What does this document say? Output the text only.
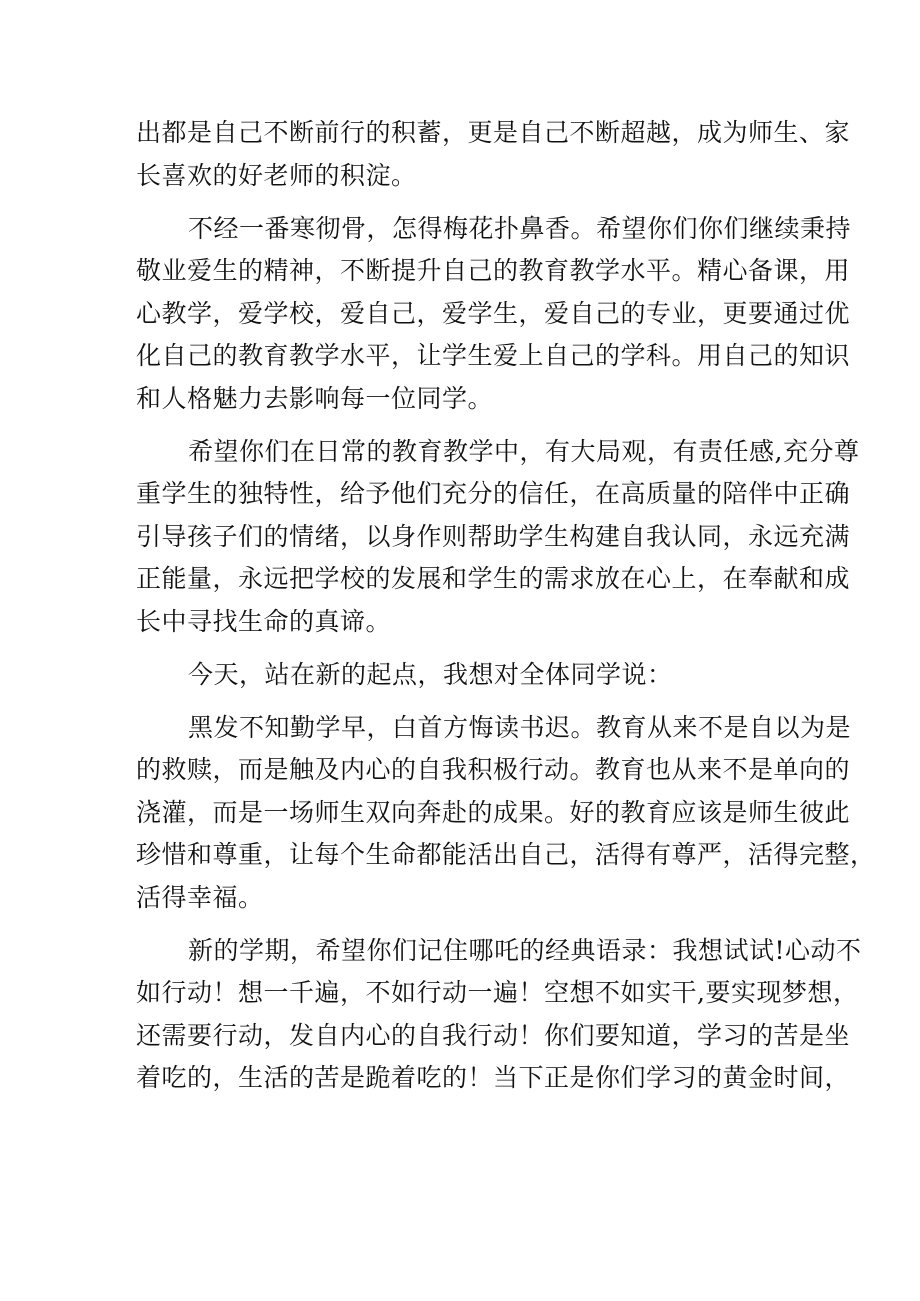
出都是自己不断前行的积蓄，更是自己不断超越，成为师生、家
长喜欢的好老师的积淀。
不经一番寒彻骨，怎得梅花扑鼻香。希望你们你们继续秉持
敬业爱生的精神，不断提升自己的教育教学水平。精心备课，用
心教学，爱学校，爱自己，爱学生，爱自己的专业，更要通过优
化自己的教育教学水平，让学生爱上自己的学科。用自己的知识
和人格魅力去影响每一位同学。
希望你们在日常的教育教学中，有大局观，有责任感,充分尊
重学生的独特性，给予他们充分的信任，在高质量的陪伴中正确
引导孩子们的情绪，以身作则帮助学生构建自我认同，永远充满
正能量，永远把学校的发展和学生的需求放在心上，在奉献和成
长中寻找生命的真谛。
今天，站在新的起点，我想对全体同学说：
黑发不知勤学早，白首方悔读书迟。教育从来不是自以为是
的救赎，而是触及内心的自我积极行动。教育也从来不是单向的
浇灌，而是一场师生双向奔赴的成果。好的教育应该是师生彼此
珍惜和尊重，让每个生命都能活出自己，活得有尊严，活得完整，
活得幸福。
新的学期，希望你们记住哪吒的经典语录：我想试试!心动不
如行动！想一千遍，不如行动一遍！空想不如实干,要实现梦想，
还需要行动，发自内心的自我行动！你们要知道，学习的苦是坐
着吃的，生活的苦是跪着吃的！当下正是你们学习的黄金时间，
